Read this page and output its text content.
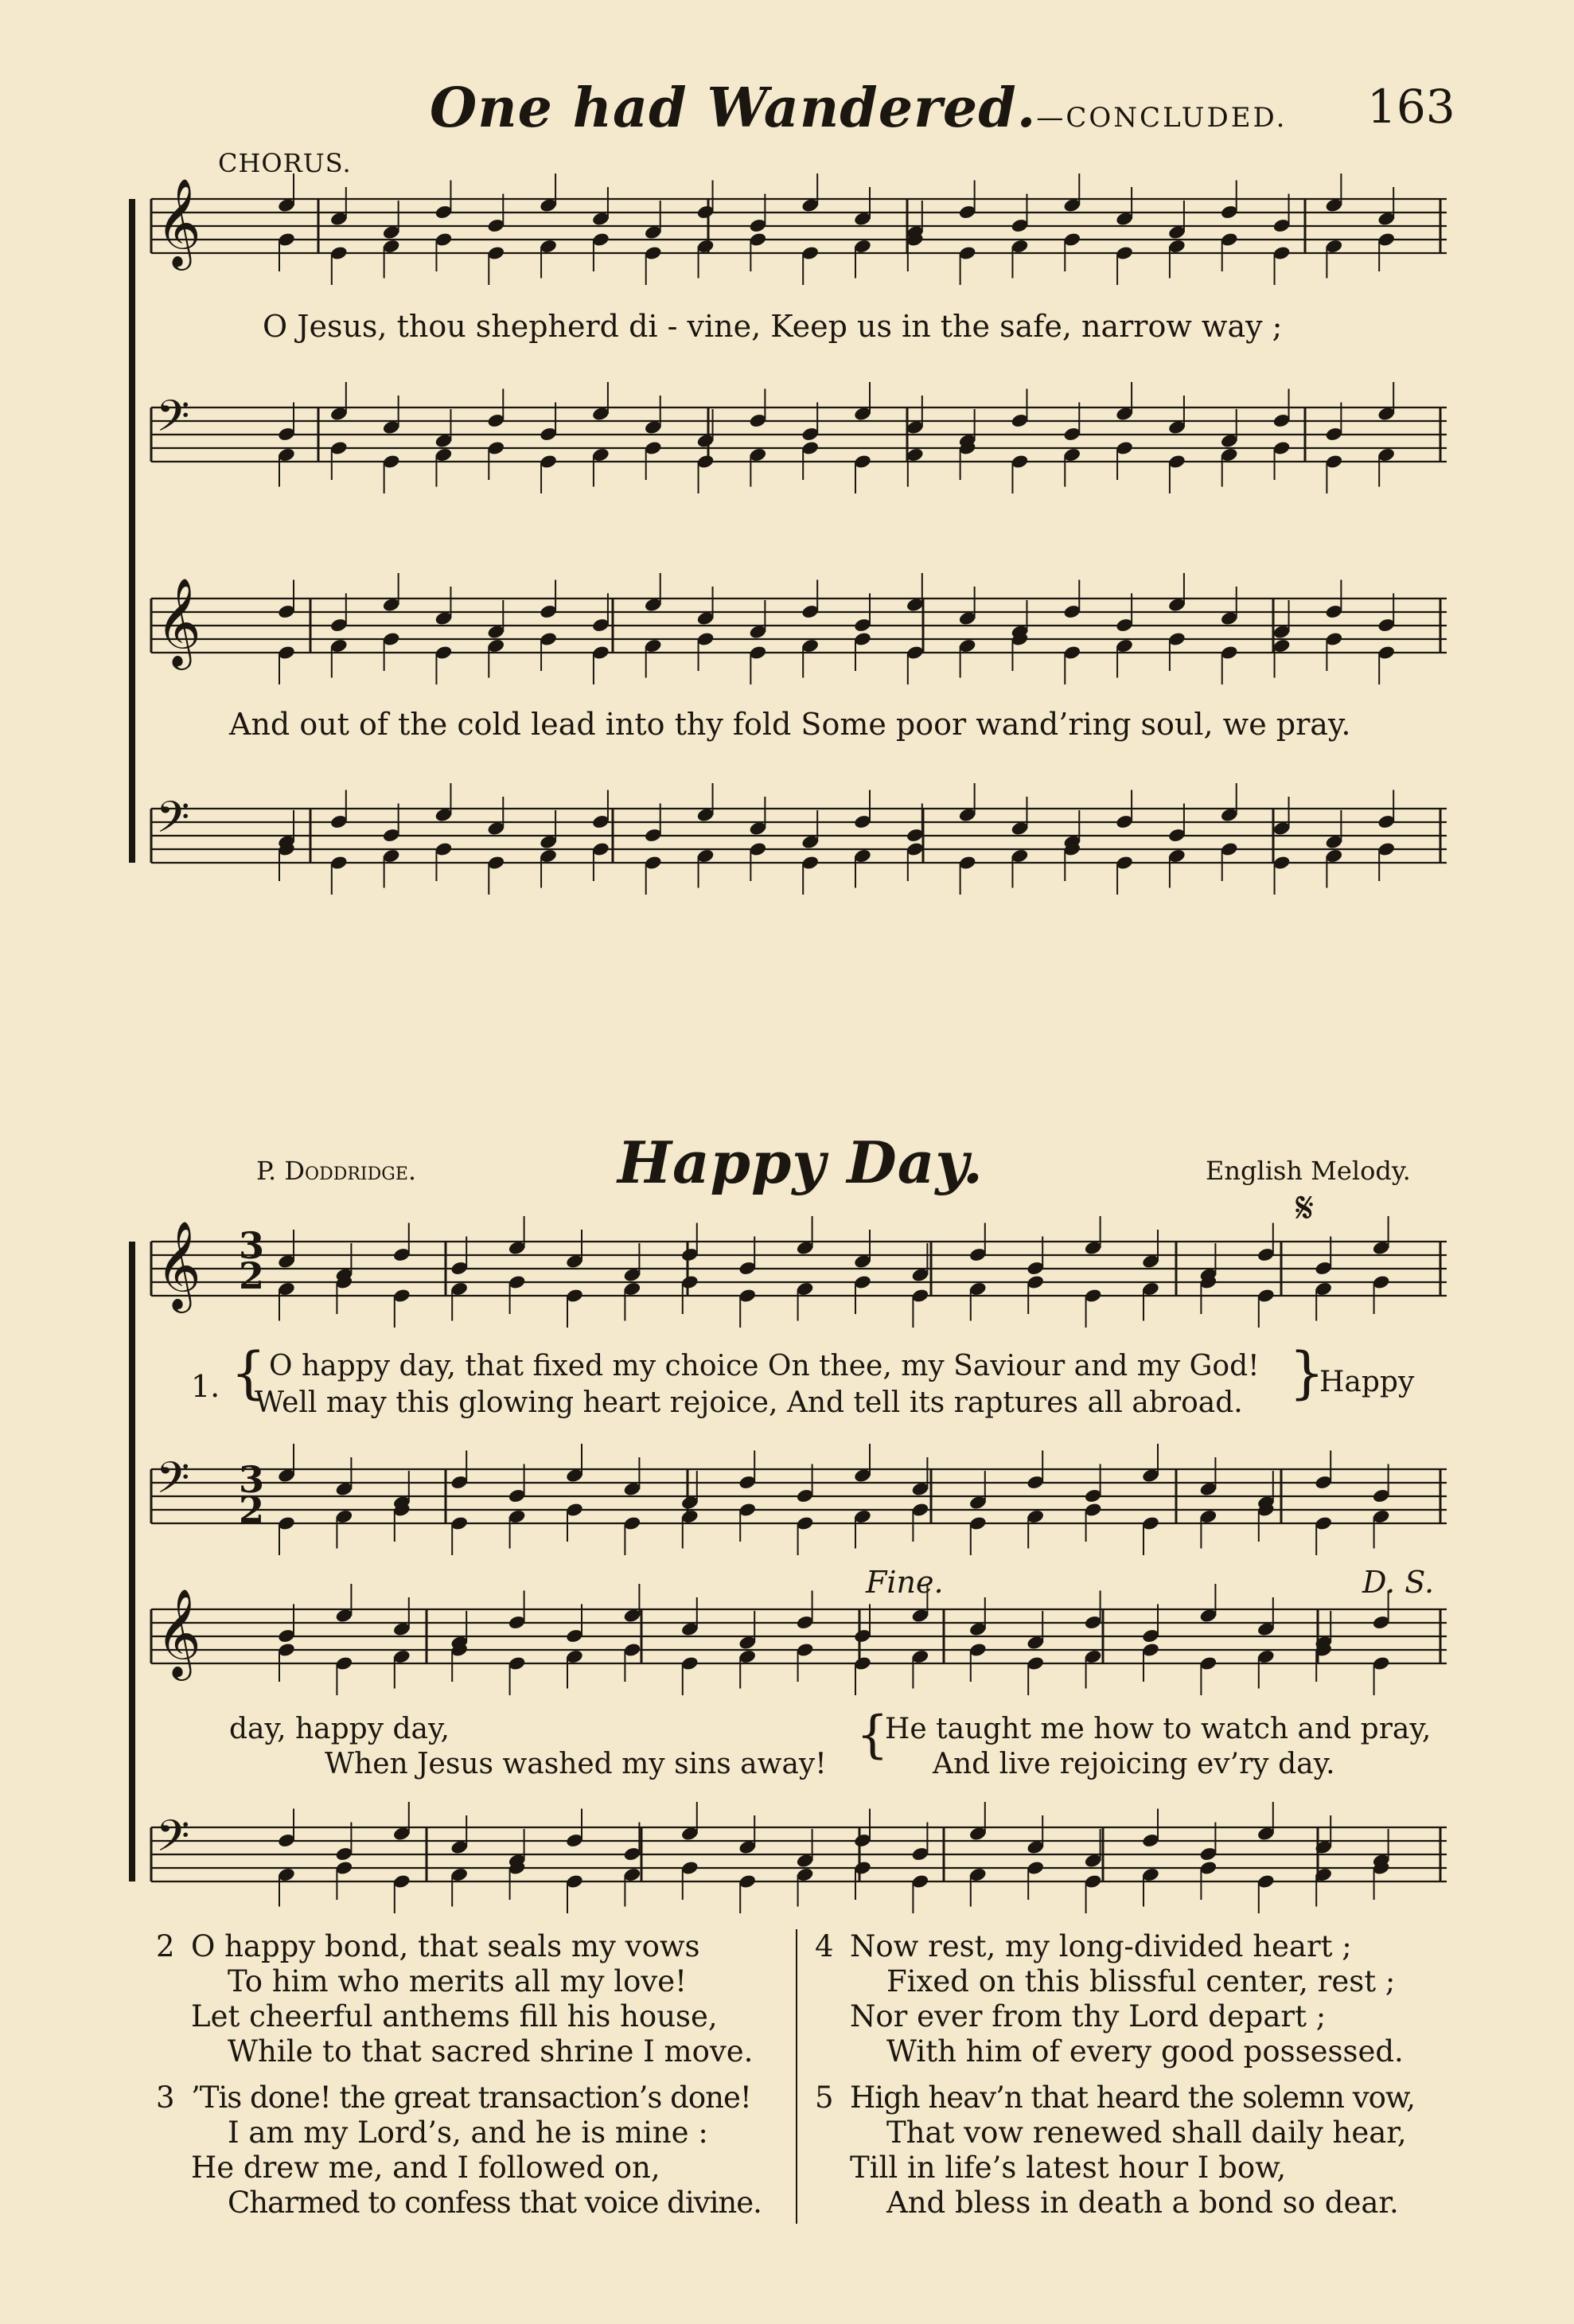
One had Wandered.—CONCLUDED. 163
𝄞
𝄢
𝄞
𝄢
𝄞
𝄢
𝄞
𝄢
CHORUS.
O Jesus, thou shepherd di - vine, Keep us in the safe, narrow way ;
And out of the cold lead into thy fold Some poor wand’ring soul, we pray.
P. Doddridge.	Happy Day.	English Melody.
3
2
3
2
1. { O happy day, that fixed my choice On thee, my Saviour and my God!
Well may this glowing heart rejoice, And tell its raptures all abroad. }
Happy
Fine.	D. S.
𝄋
day, happy day,
When Jesus washed my sins away! {
He taught me how to watch and pray,
And live rejoicing ev’ry day.
2 O happy bond, that seals my vows
To him who merits all my love!
Let cheerful anthems fill his house,
While to that sacred shrine I move.
3 ’Tis done! the great transaction’s done!
I am my Lord’s, and he is mine :
He drew me, and I followed on,
Charmed to confess that voice divine.
4 Now rest, my long-divided heart ;
Fixed on this blissful center, rest ;
Nor ever from thy Lord depart ;
With him of every good possessed.
5 High heav’n that heard the solemn vow,
That vow renewed shall daily hear,
Till in life’s latest hour I bow,
And bless in death a bond so dear.
